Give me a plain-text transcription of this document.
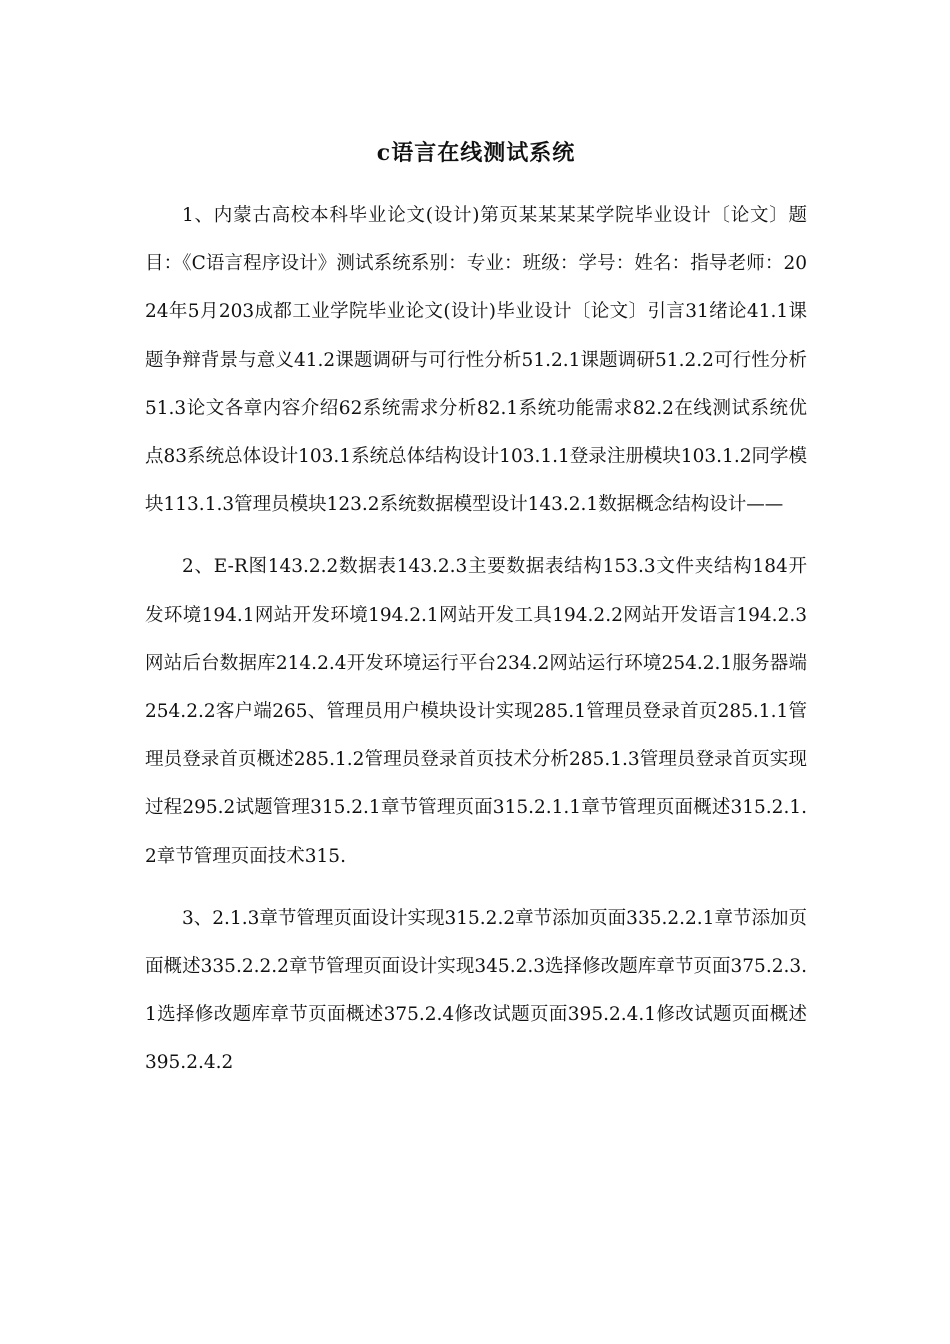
c语言在线测试系统

1、内蒙古高校本科毕业论文(设计)第页某某某某学院毕业设计〔论文〕题目：《C语言程序设计》测试系统系别：专业：班级：学号：姓名：指导老师：2024年5月203成都工业学院毕业论文(设计)毕业设计〔论文〕引言31绪论41.1课题争辩背景与意义41.2课题调研与可行性分析51.2.1课题调研51.2.2可行性分析51.3论文各章内容介绍62系统需求分析82.1系统功能需求82.2在线测试系统优点83系统总体设计103.1系统总体结构设计103.1.1登录注册模块103.1.2同学模块113.1.3管理员模块123.2系统数据模型设计143.2.1数据概念结构设计——

2、E-R图143.2.2数据表143.2.3主要数据表结构153.3文件夹结构184开发环境194.1网站开发环境194.2.1网站开发工具194.2.2网站开发语言194.2.3网站后台数据库214.2.4开发环境运行平台234.2网站运行环境254.2.1服务器端254.2.2客户端265、管理员用户模块设计实现285.1管理员登录首页285.1.1管理员登录首页概述285.1.2管理员登录首页技术分析285.1.3管理员登录首页实现过程295.2试题管理315.2.1章节管理页面315.2.1.1章节管理页面概述315.2.1.2章节管理页面技术315.

3、2.1.3章节管理页面设计实现315.2.2章节添加页面335.2.2.1章节添加页面概述335.2.2.2章节管理页面设计实现345.2.3选择修改题库章节页面375.2.3.1选择修改题库章节页面概述375.2.4修改试题页面395.2.4.1修改试题页面概述395.2.4.2
